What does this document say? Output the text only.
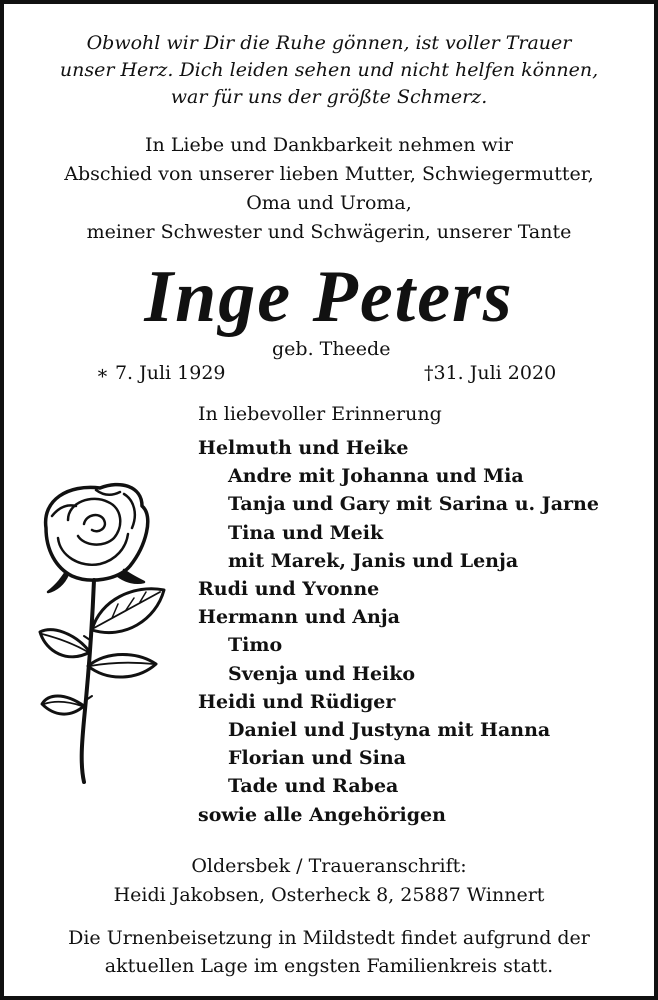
Obwohl wir Dir die Ruhe gönnen, ist voller Trauer
unser Herz. Dich leiden sehen und nicht helfen können,
war für uns der größte Schmerz.
In Liebe und Dankbarkeit nehmen wir
Abschied von unserer lieben Mutter, Schwiegermutter,
Oma und Uroma,
meiner Schwester und Schwägerin, unserer Tante
Inge Peters
geb. Theede
∗ 7. Juli 1929	†31. Juli 2020
In liebevoller Erinnerung
Helmuth und Heike
Andre mit Johanna und Mia
Tanja und Gary mit Sarina u. Jarne
Tina und Meik
mit Marek, Janis und Lenja
Rudi und Yvonne
Hermann und Anja
Timo
Svenja und Heiko
Heidi und Rüdiger
Daniel und Justyna mit Hanna
Florian und Sina
Tade und Rabea
sowie alle Angehörigen
Oldersbek / Traueranschrift:
Heidi Jakobsen, Osterheck 8, 25887 Winnert
Die Urnenbeisetzung in Mildstedt findet aufgrund der
aktuellen Lage im engsten Familienkreis statt.
